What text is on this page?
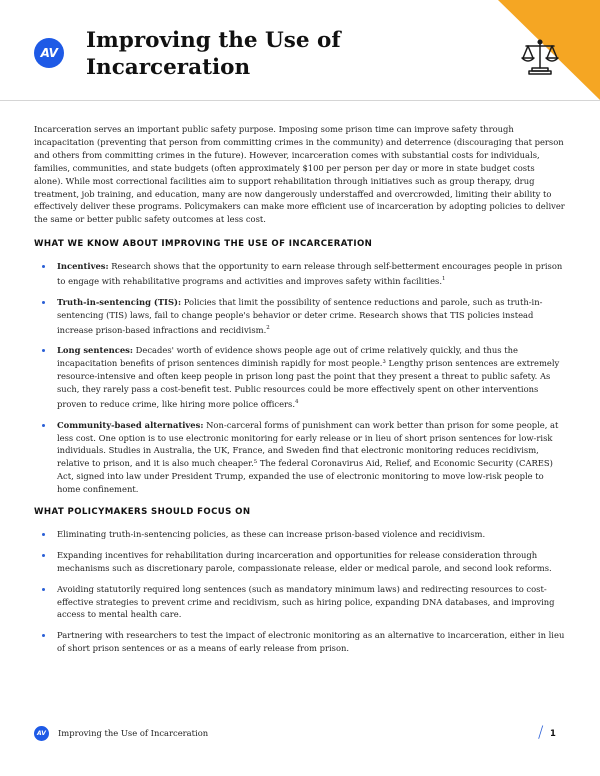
AV Improving the Use of
Incarceration

Incarceration serves an important public safety purpose. Imposing some prison time can improve safety through incapacitation (preventing that person from committing crimes in the community) and deterrence (discouraging that person and others from committing crimes in the future). However, incarceration comes with substantial costs for individuals, families, communities, and state budgets (often approximately $100 per person per day or more in state budget costs alone). While most correctional facilities aim to support rehabilitation through initiatives such as group therapy, drug treatment, job training, and education, many are now dangerously understaffed and overcrowded, limiting their ability to effectively deliver these programs. Policymakers can make more efficient use of incarceration by adopting policies to deliver the same or better public safety outcomes at less cost.

WHAT WE KNOW ABOUT IMPROVING THE USE OF INCARCERATION
Incentives: Research shows that the opportunity to earn release through self-betterment encourages people in prison to engage with rehabilitative programs and activities and improves safety within facilities.$^1$
Truth-in-sentencing (TIS): Policies that limit the possibility of sentence reductions and parole, such as truth-in-sentencing (TIS) laws, fail to change people's behavior or deter crime. Research shows that TIS policies instead increase prison-based infractions and recidivism.$^2$
Long sentences: Decades' worth of evidence shows people age out of crime relatively quickly, and thus the incapacitation benefits of prison sentences diminish rapidly for most people.³ Lengthy prison sentences are extremely resource-intensive and often keep people in prison long past the point that they present a threat to public safety. As such, they rarely pass a cost-benefit test. Public resources could be more effectively spent on other interventions proven to reduce crime, like hiring more police officers.$^4$
Community-based alternatives: Non-carceral forms of punishment can work better than prison for some people, at less cost. One option is to use electronic monitoring for early release or in lieu of short prison sentences for low-risk individuals. Studies in Australia, the UK, France, and Sweden find that electronic monitoring reduces recidivism, relative to prison, and it is also much cheaper.⁵ The federal Coronavirus Aid, Relief, and Economic Security (CARES) Act, signed into law under President Trump, expanded the use of electronic monitoring to move low-risk people to home confinement.
WHAT POLICYMAKERS SHOULD FOCUS ON
Eliminating truth-in-sentencing policies, as these can increase prison-based violence and recidivism.
Expanding incentives for rehabilitation during incarceration and opportunities for release consideration through mechanisms such as discretionary parole, compassionate release, elder or medical parole, and second look reforms.
Avoiding statutorily required long sentences (such as mandatory minimum laws) and redirecting resources to cost-effective strategies to prevent crime and recidivism, such as hiring police, expanding DNA databases, and improving access to mental health care.
Partnering with researchers to test the impact of electronic monitoring as an alternative to incarceration, either in lieu of short prison sentences or as a means of early release from prison.
AV Improving the Use of Incarceration	/ 1
